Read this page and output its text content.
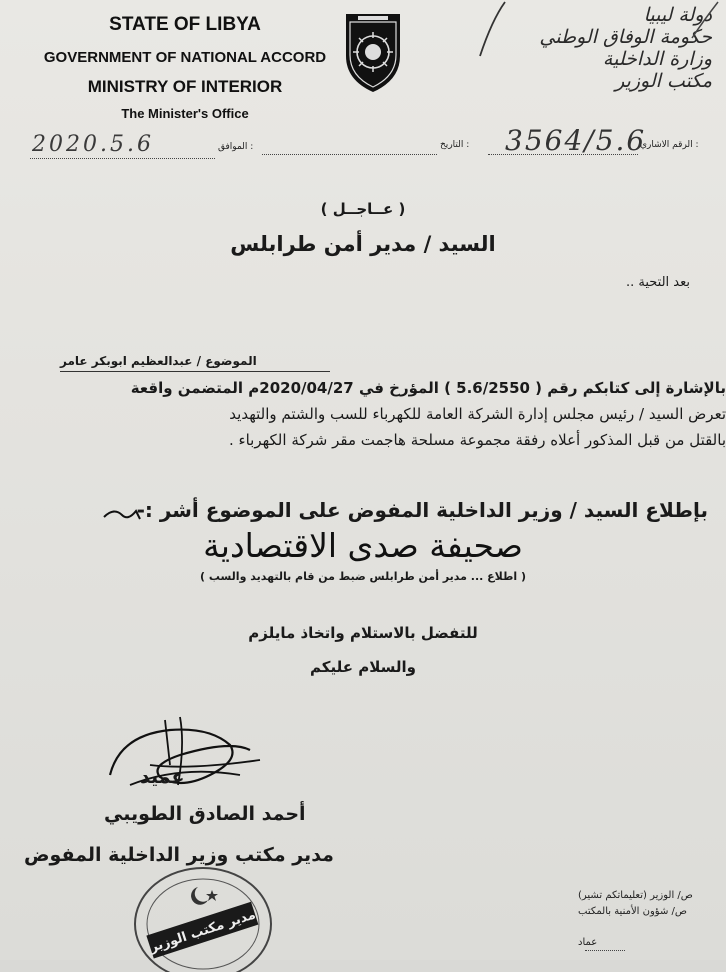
STATE OF LIBYA
GOVERNMENT OF NATIONAL ACCORD
MINISTRY OF INTERIOR
The Minister's Office
دولة ليبيا
حكومة الوفاق الوطني
وزارة الداخلية
مكتب الوزير
2020.5.6	الموافق :	التاريخ : 3564/5.6
الرقم الاشاري :
( عــاجــل )
السيد / مدير أمن طرابلس
بعد التحية ..
الموضوع / عبدالعظيم ابوبكر عامر
بالإشارة إلى كتابكم رقم ( 5.6/2550 ) المؤرخ في 2020/04/27م المتضمن واقعة
تعرض السيد / رئيس مجلس إدارة الشركة العامة للكهرباء للسب والشتم والتهديد
بالقتل من قبل المذكور أعلاه رفقة مجموعة مسلحة هاجمت مقر شركة الكهرباء .
بإطلاع السيد / وزير الداخلية المفوض على الموضوع أشر :-
صحيفة صدى الاقتصادية
( اطلاع ... مدير أمن طرابلس ضبط من قام بالتهديد والسب )
للتفضل بالاستلام واتخاذ مايلزم
والسلام عليكم
عميد
أحمد الصادق الطويبي
مدير مكتب وزير الداخلية المفوض
مدير مكتب الوزير
ص/ الوزير (تعليماتكم تشير)
ص/ شؤون الأمنية بالمكتب
عماد
